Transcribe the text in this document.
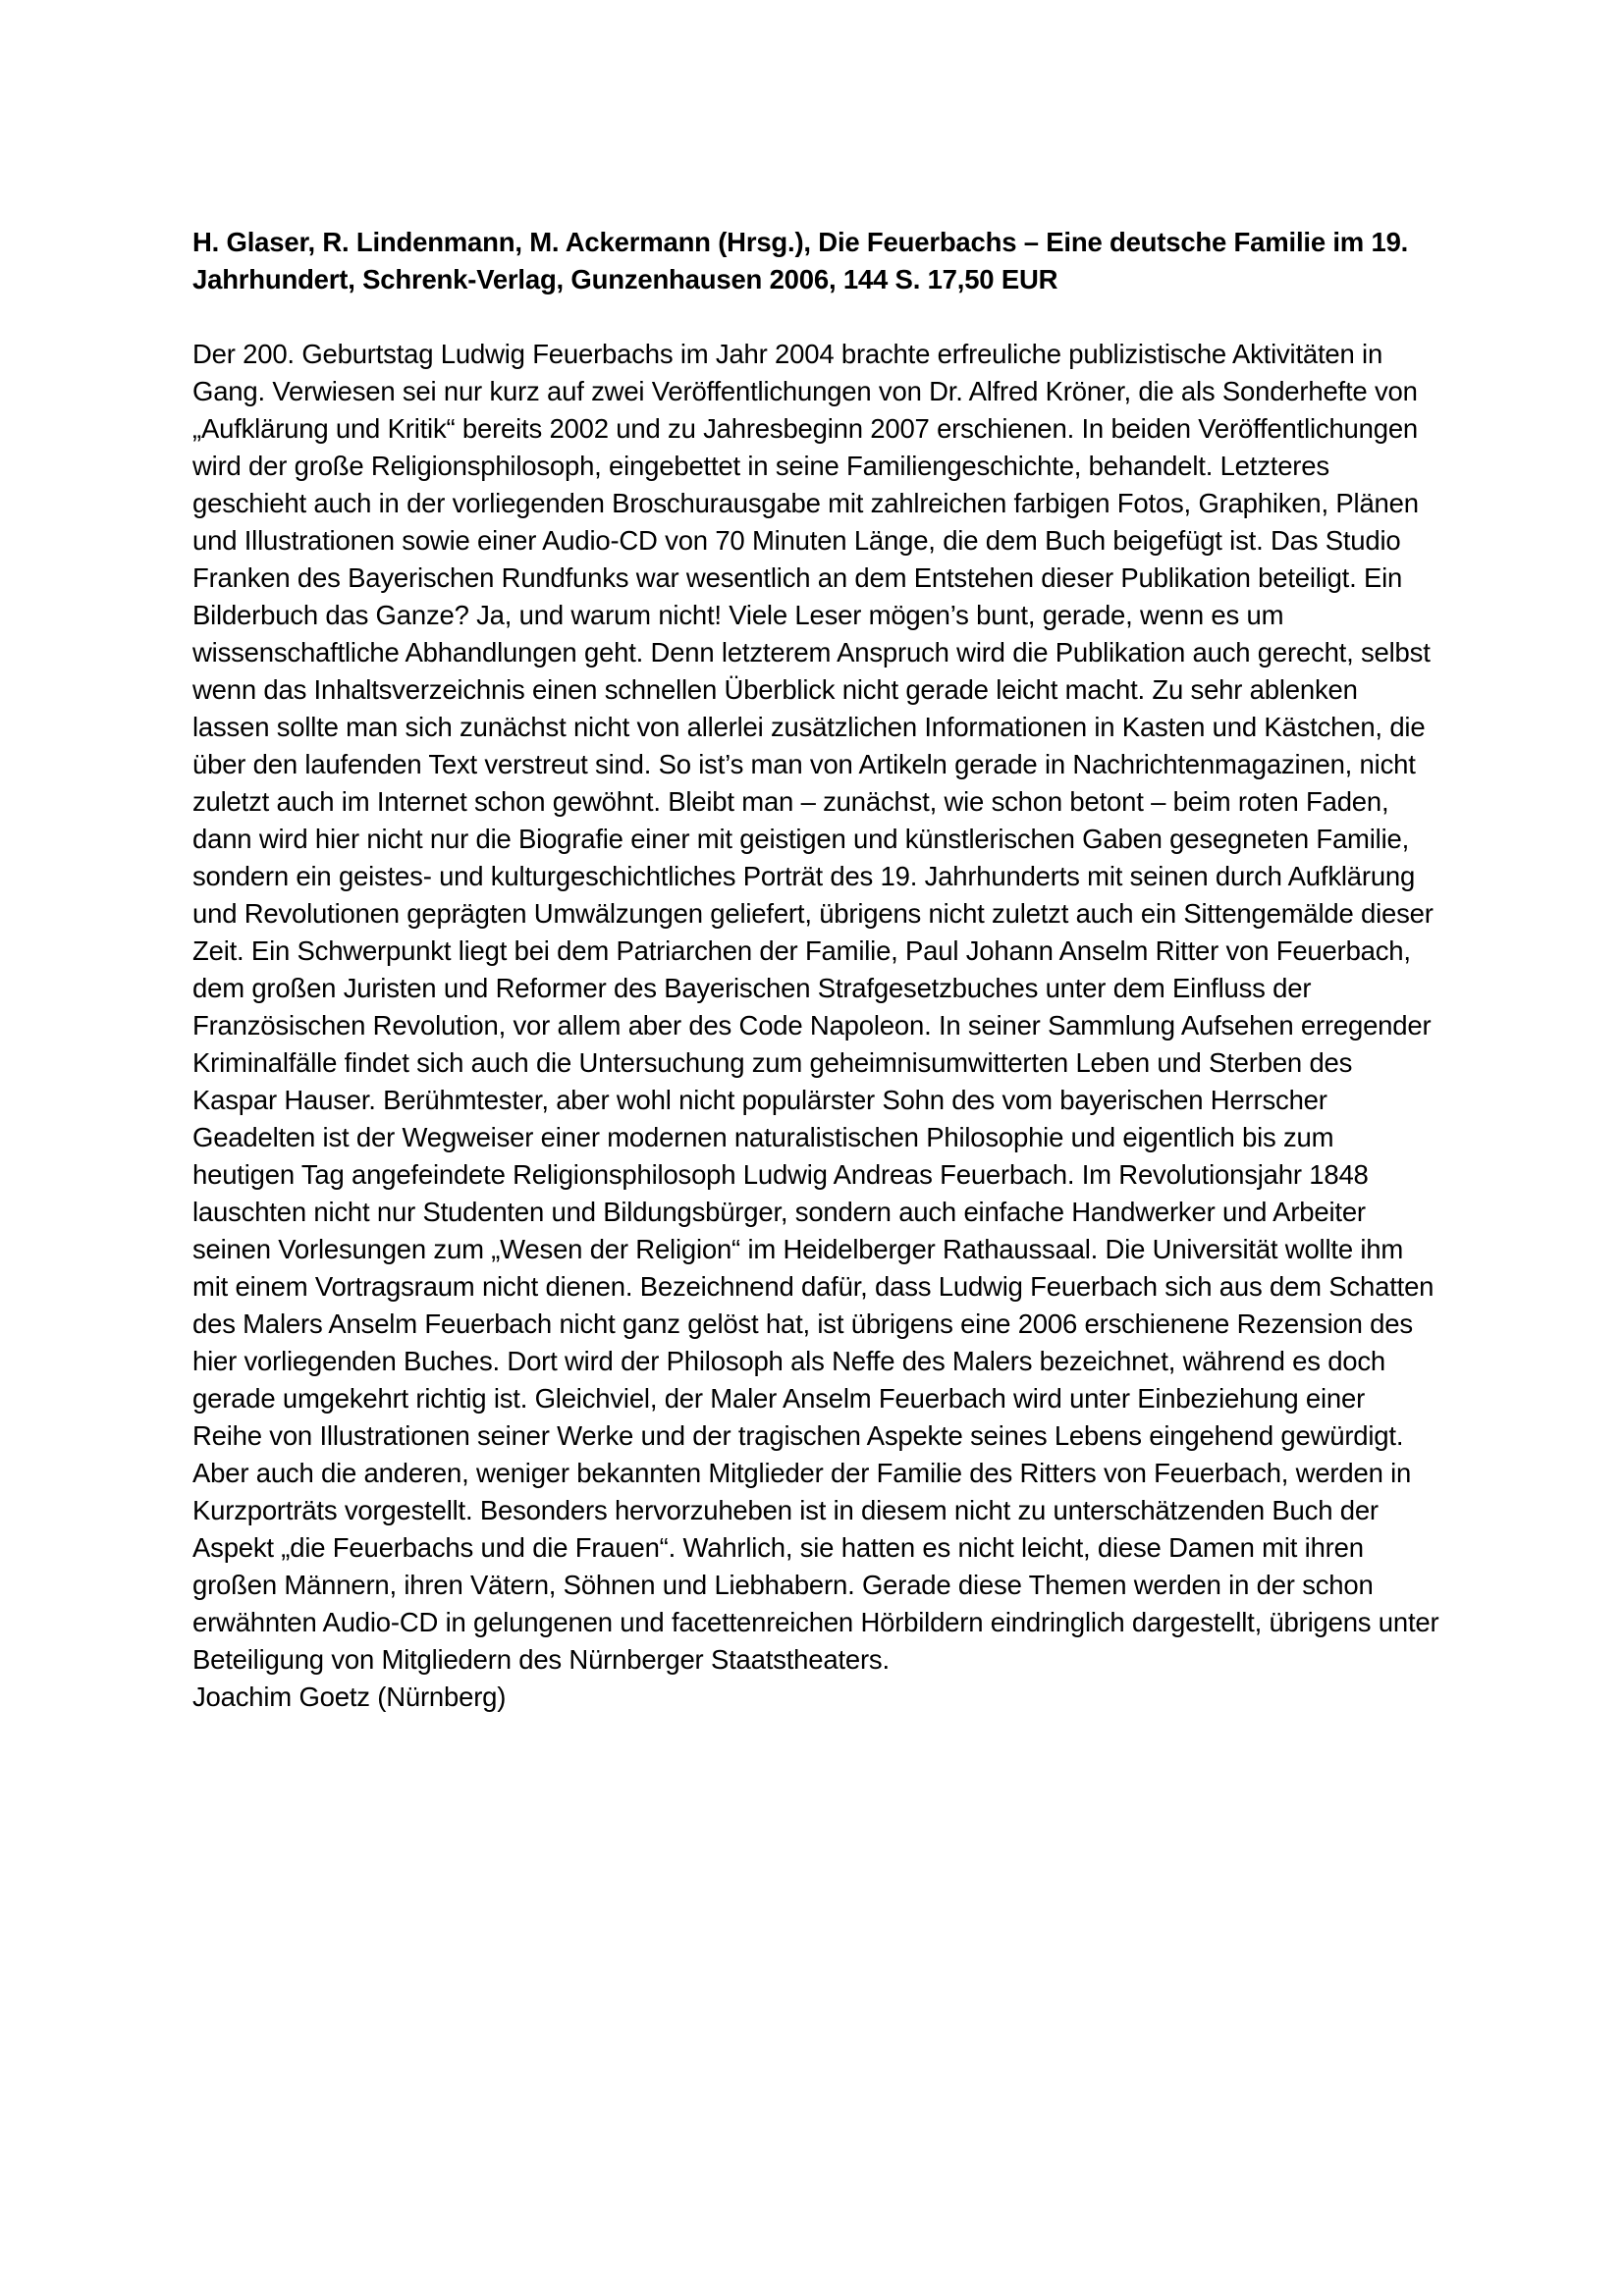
H. Glaser, R. Lindenmann, M. Ackermann (Hrsg.), Die Feuerbachs – Eine deutsche Familie im 19. Jahrhundert, Schrenk-Verlag, Gunzenhausen 2006, 144 S. 17,50 EUR

Der 200. Geburtstag Ludwig Feuerbachs im Jahr 2004 brachte erfreuliche publizistische Aktivitäten in Gang. Verwiesen sei nur kurz auf zwei Veröffentlichungen von Dr. Alfred Kröner, die als Sonderhefte von „Aufklärung und Kritik“ bereits 2002 und zu Jahresbeginn 2007 erschienen. In beiden Veröffentlichungen wird der große Religionsphilosoph, eingebettet in seine Familiengeschichte, behandelt. Letzteres geschieht auch in der vorliegenden Broschurausgabe mit zahlreichen farbigen Fotos, Graphiken, Plänen und Illustrationen sowie einer Audio-CD von 70 Minuten Länge, die dem Buch beigefügt ist. Das Studio Franken des Bayerischen Rundfunks war wesentlich an dem Entstehen dieser Publikation beteiligt. Ein Bilderbuch das Ganze? Ja, und warum nicht! Viele Leser mögen’s bunt, gerade, wenn es um wissenschaftliche Abhandlungen geht. Denn letzterem Anspruch wird die Publikation auch gerecht, selbst wenn das Inhaltsverzeichnis einen schnellen Überblick nicht gerade leicht macht. Zu sehr ablenken lassen sollte man sich zunächst nicht von allerlei zusätzlichen Informationen in Kasten und Kästchen, die über den laufenden Text verstreut sind. So ist’s man von Artikeln gerade in Nachrichtenmagazinen, nicht zuletzt auch im Internet schon gewöhnt. Bleibt man – zunächst, wie schon betont – beim roten Faden, dann wird hier nicht nur die Biografie einer mit geistigen und künstlerischen Gaben gesegneten Familie, sondern ein geistes- und kulturgeschichtliches Porträt des 19. Jahrhunderts mit seinen durch Aufklärung und Revolutionen geprägten Umwälzungen geliefert, übrigens nicht zuletzt auch ein Sittengemälde dieser Zeit. Ein Schwerpunkt liegt bei dem Patriarchen der Familie, Paul Johann Anselm Ritter von Feuerbach, dem großen Juristen und Reformer des Bayerischen Strafgesetzbuches unter dem Einfluss der Französischen Revolution, vor allem aber des Code Napoleon. In seiner Sammlung Aufsehen erregender Kriminalfälle findet sich auch die Untersuchung zum geheimnisumwitterten Leben und Sterben des Kaspar Hauser. Berühmtester, aber wohl nicht populärster Sohn des vom bayerischen Herrscher Geadelten ist der Wegweiser einer modernen naturalistischen Philosophie und eigentlich bis zum heutigen Tag angefeindete Religionsphilosoph Ludwig Andreas Feuerbach. Im Revolutionsjahr 1848 lauschten nicht nur Studenten und Bildungsbürger, sondern auch einfache Handwerker und Arbeiter seinen Vorlesungen zum „Wesen der Religion“ im Heidelberger Rathaussaal. Die Universität wollte ihm mit einem Vortragsraum nicht dienen. Bezeichnend dafür, dass Ludwig Feuerbach sich aus dem Schatten des Malers Anselm Feuerbach nicht ganz gelöst hat, ist übrigens eine 2006 erschienene Rezension des hier vorliegenden Buches. Dort wird der Philosoph als Neffe des Malers bezeichnet, während es doch gerade umgekehrt richtig ist. Gleichviel, der Maler Anselm Feuerbach wird unter Einbeziehung einer Reihe von Illustrationen seiner Werke und der tragischen Aspekte seines Lebens eingehend gewürdigt. Aber auch die anderen, weniger bekannten Mitglieder der Familie des Ritters von Feuerbach, werden in Kurzporträts vorgestellt. Besonders hervorzuheben ist in diesem nicht zu unterschätzenden Buch der Aspekt „die Feuerbachs und die Frauen“. Wahrlich, sie hatten es nicht leicht, diese Damen mit ihren großen Männern, ihren Vätern, Söhnen und Liebhabern. Gerade diese Themen werden in der schon erwähnten Audio-CD in gelungenen und facettenreichen Hörbildern eindringlich dargestellt, übrigens unter Beteiligung von Mitgliedern des Nürnberger Staatstheaters.

Joachim Goetz (Nürnberg)
